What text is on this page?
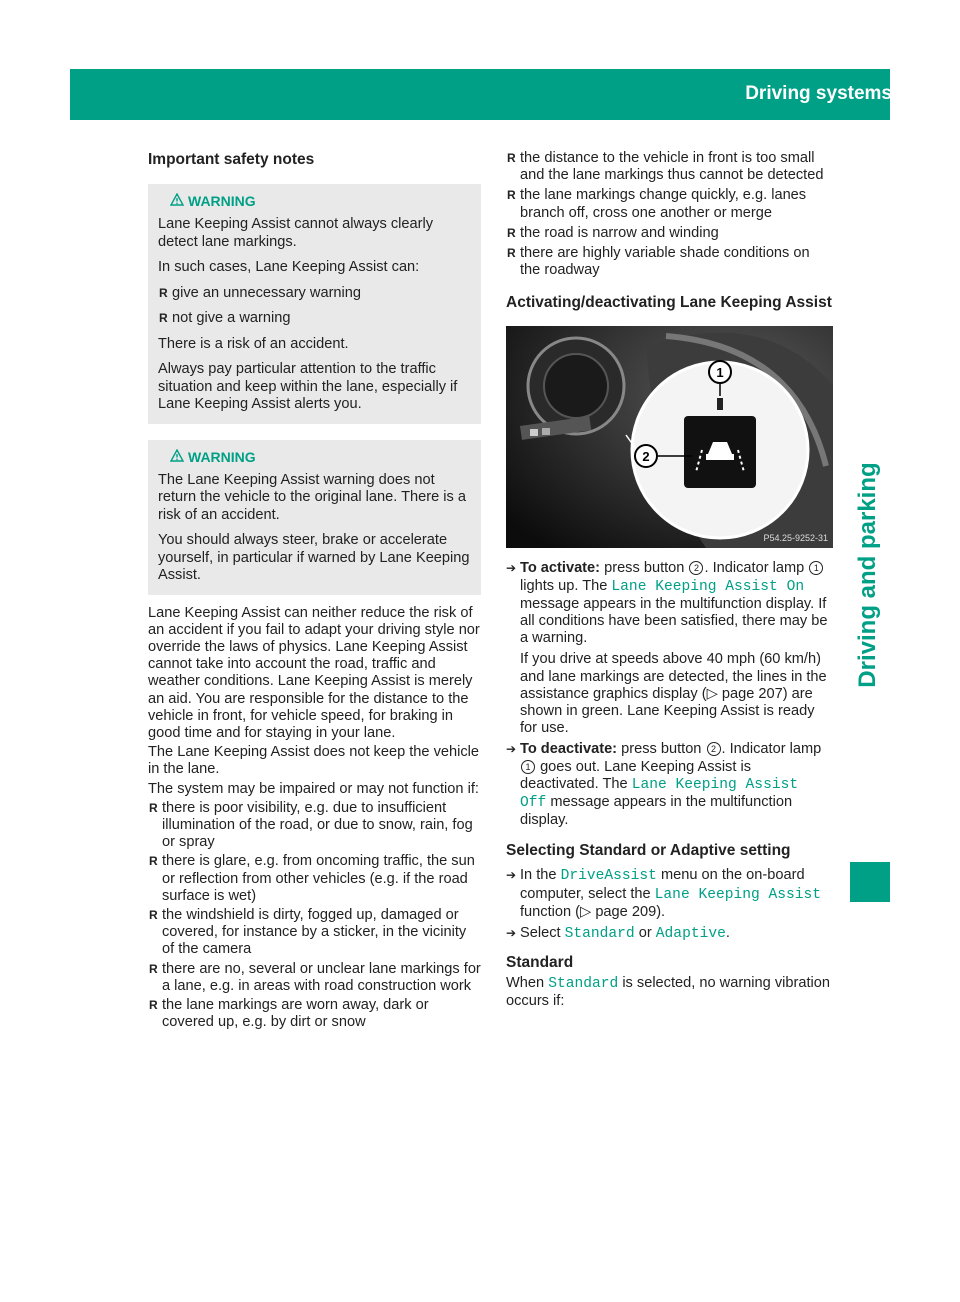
Driving systems 189
Driving and parking
Important safety notes
WARNING

Lane Keeping Assist cannot always clearly detect lane markings.

In such cases, Lane Keeping Assist can:

R give an unnecessary warning

R not give a warning

There is a risk of an accident.

Always pay particular attention to the traffic situation and keep within the lane, especially if Lane Keeping Assist alerts you.

WARNING

The Lane Keeping Assist warning does not return the vehicle to the original lane. There is a risk of an accident.

You should always steer, brake or accelerate yourself, in particular if warned by Lane Keeping Assist.

Lane Keeping Assist can neither reduce the risk of an accident if you fail to adapt your driving style nor override the laws of physics. Lane Keeping Assist cannot take into account the road, traffic and weather conditions. Lane Keeping Assist is merely an aid. You are responsible for the distance to the vehicle in front, for vehicle speed, for braking in good time and for staying in your lane.

The Lane Keeping Assist does not keep the vehicle in the lane.

The system may be impaired or may not function if:

R there is poor visibility, e.g. due to insufficient illumination of the road, or due to snow, rain, fog or spray

R there is glare, e.g. from oncoming traffic, the sun or reflection from other vehicles (e.g. if the road surface is wet)

R the windshield is dirty, fogged up, damaged or covered, for instance by a sticker, in the vicinity of the camera

R there are no, several or unclear lane markings for a lane, e.g. in areas with road construction work

R the lane markings are worn away, dark or covered up, e.g. by dirt or snow

R the distance to the vehicle in front is too small and the lane markings thus cannot be detected

R the lane markings change quickly, e.g. lanes branch off, cross one another or merge

R the road is narrow and winding

R there are highly variable shade conditions on the roadway

Activating/deactivating Lane Keeping Assist
1
2
P54.25-9252-31

➔ To activate: press button 2 . Indicator lamp 1 lights up. The Lane Keeping Assist On message appears in the multifunction display. If all conditions have been satisfied, there may be a warning.

If you drive at speeds above 40 mph (60 km/h) and lane markings are detected, the lines in the assistance graphics display (▷ page 207) are shown in green. Lane Keeping Assist is ready for use.

➔ To deactivate: press button 2 . Indicator lamp 1 goes out. Lane Keeping Assist is deactivated. The Lane Keeping Assist Off message appears in the multifunction display.

Selecting Standard or Adaptive setting

➔ In the DriveAssist menu on the on-board computer, select the Lane Keeping Assist function (▷ page 209).

➔ Select Standard or Adaptive.

Standard

When Standard is selected, no warning vibration occurs if:
